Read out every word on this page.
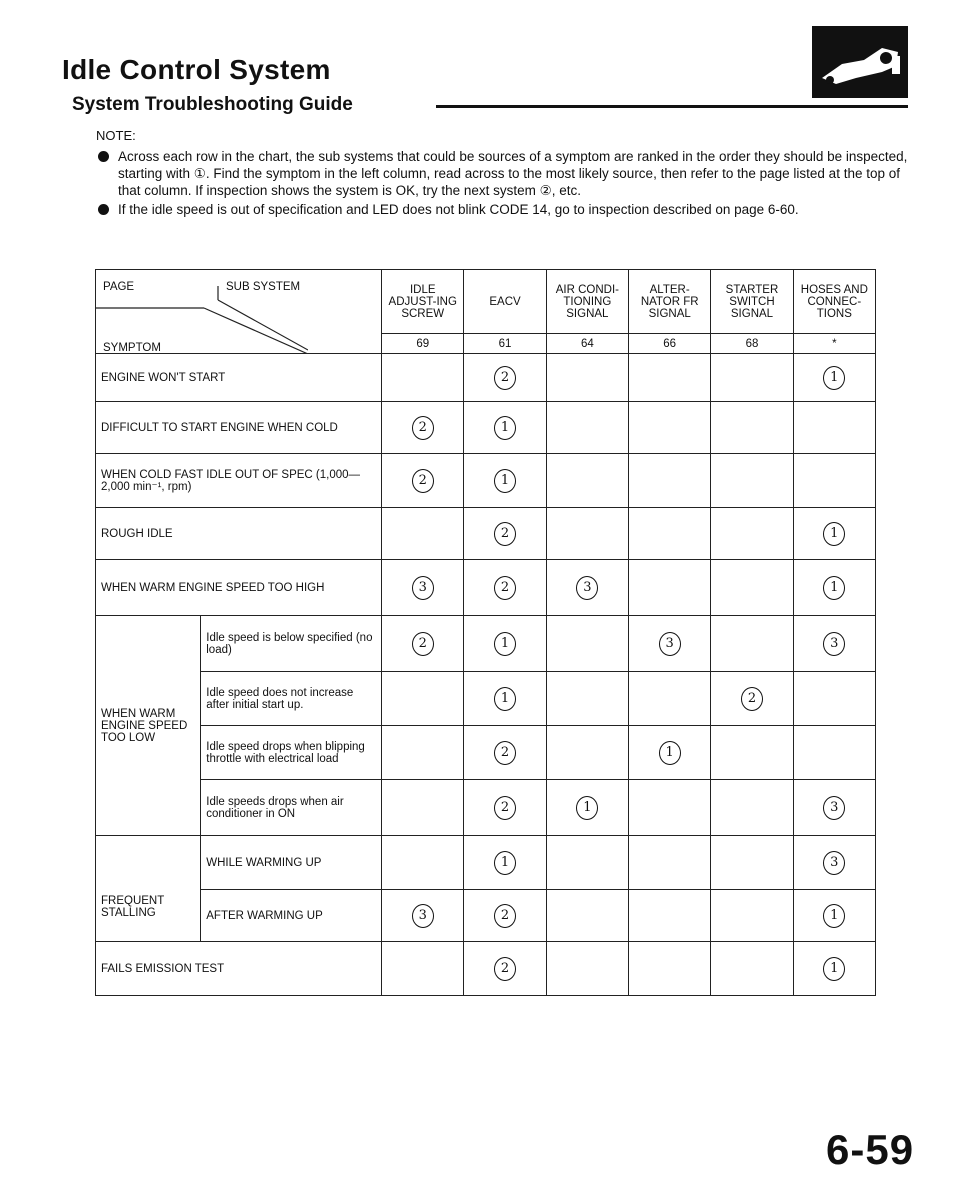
Idle Control System
System Troubleshooting Guide
NOTE:
Across each row in the chart, the sub systems that could be sources of a symptom are ranked in the order they should be inspected, starting with ①. Find the symptom in the left column, read across to the most likely source, then refer to the page listed at the top of that column. If inspection shows the system is OK, try the next system ②, etc.
If the idle speed is out of specification and LED does not blink CODE 14, go to inspection described on page 6-60.
PAGE SUB SYSTEM
SYMPTOM		IDLE ADJUST-ING SCREW	EACV	AIR CONDI-TIONING SIGNAL	ALTER-NATOR FR SIGNAL	STARTER SWITCH SIGNAL	HOSES AND CONNEC-TIONS
		69	61	64	66	68	*
ENGINE WON'T START			2				1
DIFFICULT TO START ENGINE WHEN COLD		2	1				
WHEN COLD FAST IDLE OUT OF SPEC (1,000—2,000 min⁻¹, rpm)		2	1				
ROUGH IDLE			2				1
WHEN WARM ENGINE SPEED TOO HIGH		3	2	3			1
WHEN WARM ENGINE SPEED TOO LOW	Idle speed is below specified (no load)	2	1		3		3
	Idle speed does not increase after initial start up.		1			2	
	Idle speed drops when blipping throttle with electrical load		2		1		
	Idle speeds drops when air conditioner in ON		2	1			3
FREQUENT STALLING	WHILE WARMING UP		1				3
	AFTER WARMING UP	3	2				1
FAILS EMISSION TEST			2				1
6-59
